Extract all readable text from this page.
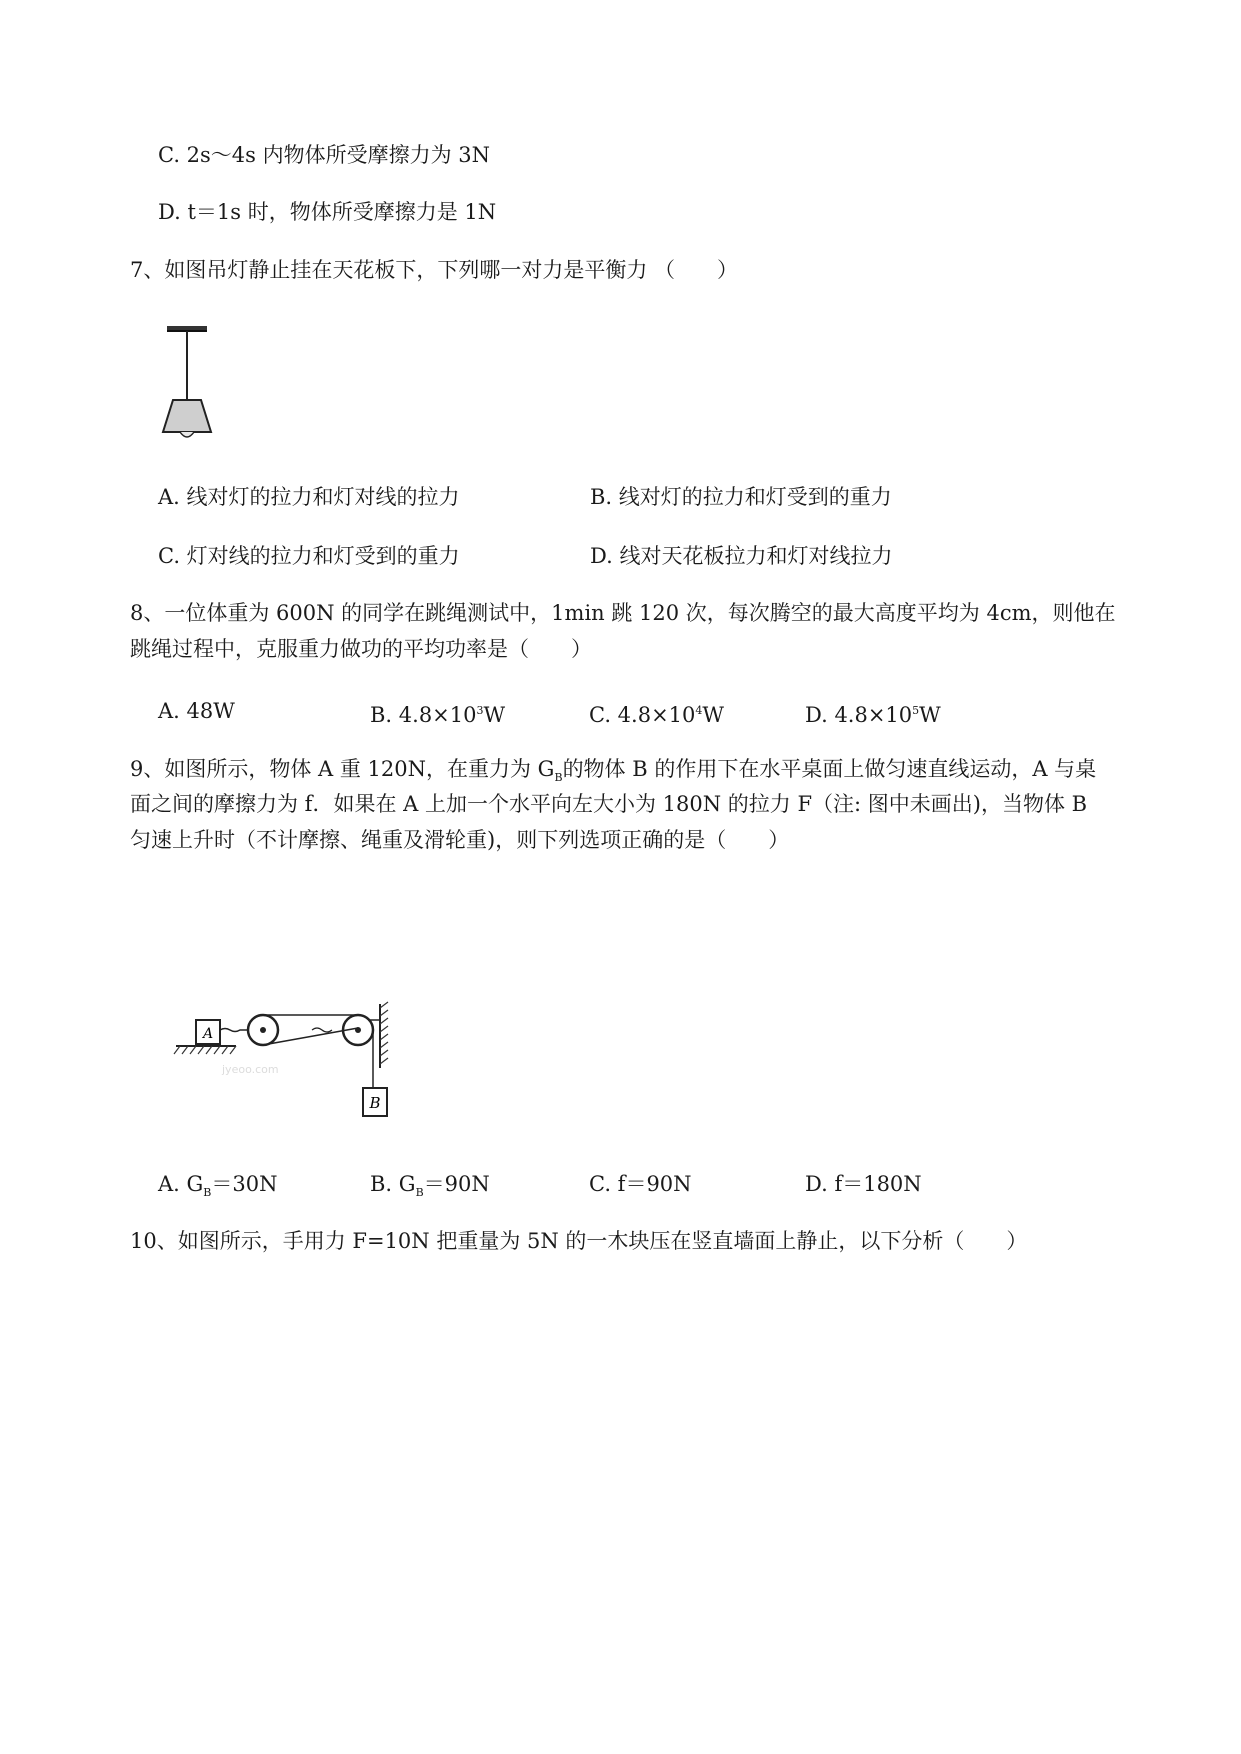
C. 2s～4s 内物体所受摩擦力为 3N
D. t＝1s 时，物体所受摩擦力是 1N
7、如图吊灯静止挂在天花板下，下列哪一对力是平衡力 （　　）
A. 线对灯的拉力和灯对线的拉力	B. 线对灯的拉力和灯受到的重力
C. 灯对线的拉力和灯受到的重力	D. 线对天花板拉力和灯对线拉力
8、一位体重为 600N 的同学在跳绳测试中，1min 跳 120 次，每次腾空的最大高度平均为 4cm，则他在
跳绳过程中，克服重力做功的平均功率是（　　）
A. 48W	B. $4.8\times 10^3W$	C. $4.8\times 10^4W$	D. $4.8\times 10^5W$
9、如图所示，物体 A 重 120N，在重力为 $G_B$的物体 B 的作用下在水平桌面上做匀速直线运动，A 与桌
面之间的摩擦力为 f．如果在 A 上加一个水平向左大小为 180N 的拉力 F（注: 图中未画出)，当物体 B
匀速上升时（不计摩擦、绳重及滑轮重)，则下列选项正确的是（　　）
A
B
jyeoo.com
A. $G_B=30N$	B. $G_B=90N$	C. f＝90N	D. f＝180N
10、如图所示，手用力 F=10N 把重量为 5N 的一木块压在竖直墙面上静止，以下分析（　　）
